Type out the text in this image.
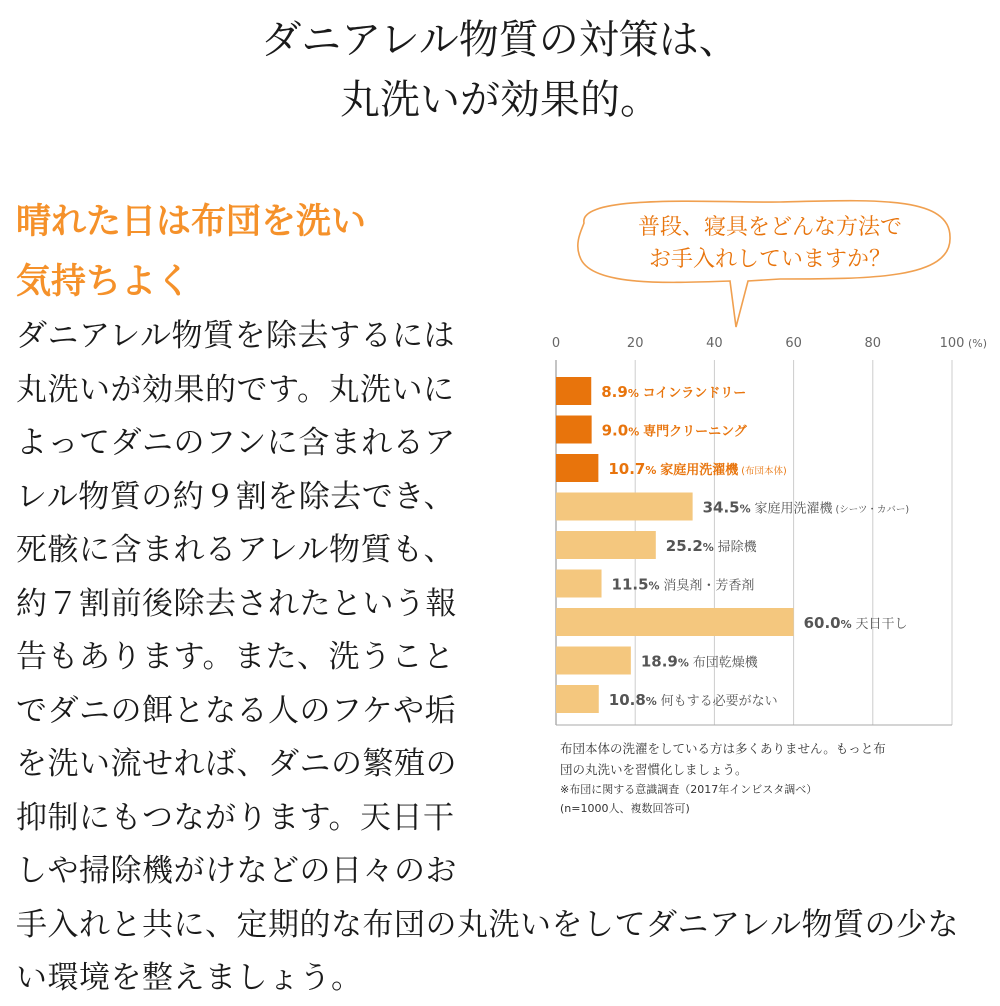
ダニアレル物質の対策は、
丸洗いが効果的。
晴れた日は布団を洗い
気持ちよく
ダニアレル物質を除去するには丸洗いが効果的です。丸洗いによってダニのフンに含まれるアレル物質の約９割を除去でき、死骸に含まれるアレル物質も、約７割前後除去されたという報告もあります。また、洗うことでダニの餌となる人のフケや垢を洗い流せれば、ダニの繁殖の抑制にもつながります。天日干しや掃除機がけなどの日々のお手入れと共に、定期的な布団の丸洗いをしてダニアレル物質の少ない環境を整えましょう。
普段、寝具をどんな方法で
お手入れしていますか？
0	20	40	60	80	100 (%)
8.9% コインランドリー
9.0% 専門クリーニング
10.7% 家庭用洗濯機 (布団本体)
34.5% 家庭用洗濯機 (シーツ・カバー)
25.2% 掃除機
11.5% 消臭剤・芳香剤
60.0% 天日干し
18.9% 布団乾燥機
10.8% 何もする必要がない
布団本体の洗濯をしている方は多くありません。もっと布
団の丸洗いを習慣化しましょう。
※布団に関する意識調査（2017年インビスタ調べ）
(n=1000人、複数回答可)
